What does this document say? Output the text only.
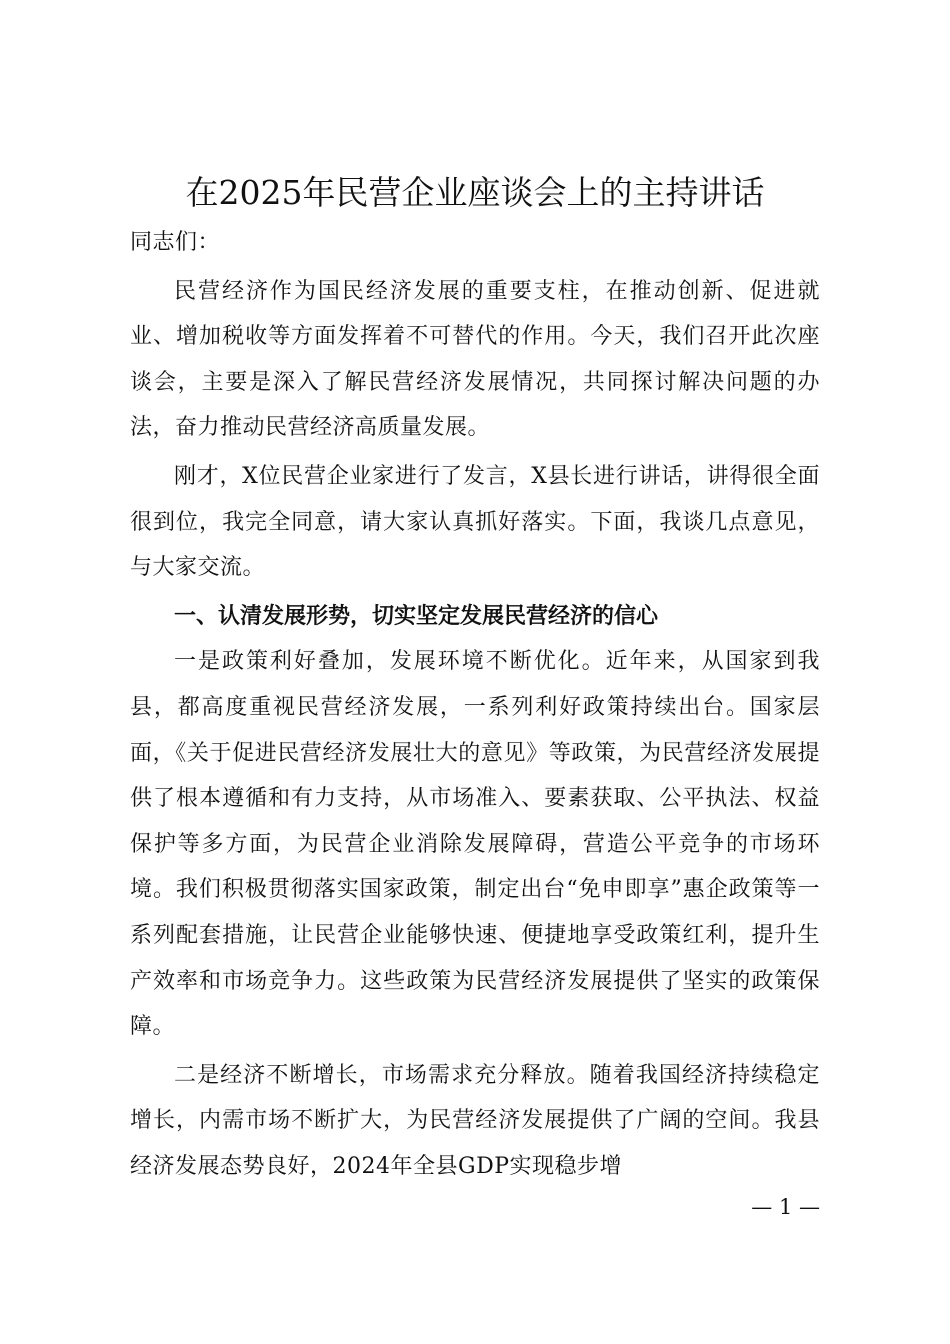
在2025年民营企业座谈会上的主持讲话

同志们：

民营经济作为国民经济发展的重要支柱，在推动创新、促进就业、增加税收等方面发挥着不可替代的作用。今天，我们召开此次座谈会，主要是深入了解民营经济发展情况，共同探讨解决问题的办法，奋力推动民营经济高质量发展。

刚才，X位民营企业家进行了发言，X县长进行讲话，讲得很全面很到位，我完全同意，请大家认真抓好落实。下面，我谈几点意见，与大家交流。

一、认清发展形势，切实坚定发展民营经济的信心

一是政策利好叠加，发展环境不断优化。近年来，从国家到我县，都高度重视民营经济发展，一系列利好政策持续出台。国家层面，《关于促进民营经济发展壮大的意见》等政策，为民营经济发展提供了根本遵循和有力支持，从市场准入、要素获取、公平执法、权益保护等多方面，为民营企业消除发展障碍，营造公平竞争的市场环境。我们积极贯彻落实国家政策，制定出台“免申即享”惠企政策等一系列配套措施，让民营企业能够快速、便捷地享受政策红利，提升生产效率和市场竞争力。这些政策为民营经济发展提供了坚实的政策保障。

二是经济不断增长，市场需求充分释放。随着我国经济持续稳定增长，内需市场不断扩大，为民营经济发展提供了广阔的空间。我县经济发展态势良好，2024年全县GDP实现稳步增

— 1 —
